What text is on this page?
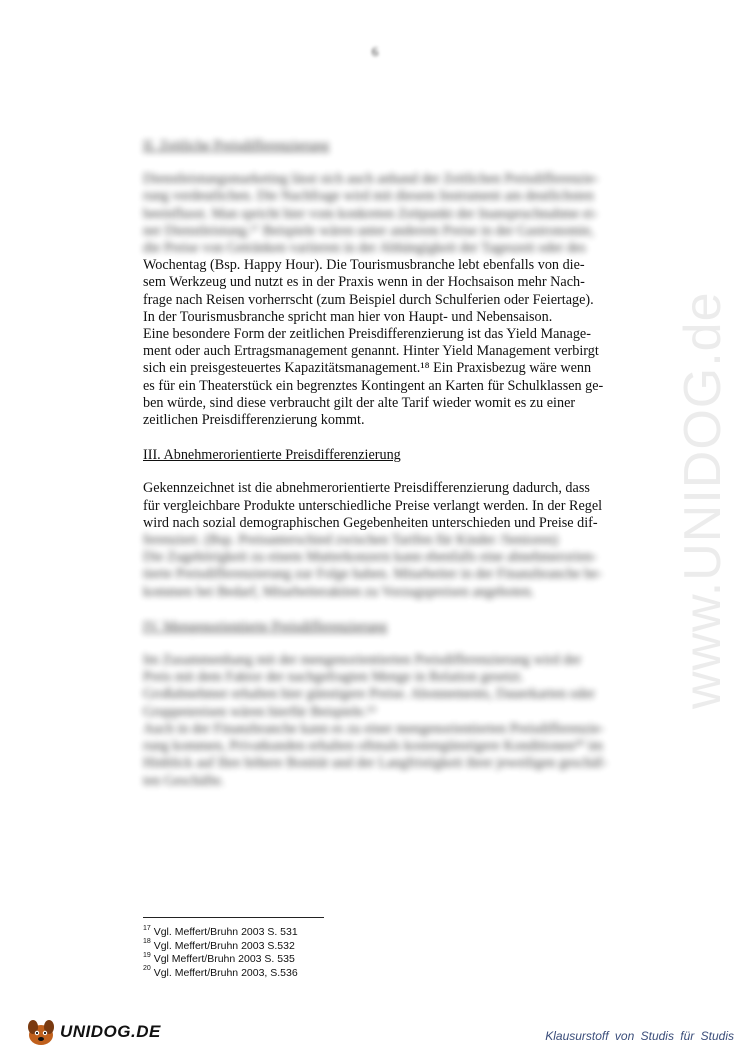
6
www.UNIDOG.de
II. Zeitliche Preisdifferenzierung
Dienstleistungsmarketing lässt sich auch anhand der Zeitlichen Preisdifferenzie-
rung verdeutlichen. Die Nachfrage wird mit diesem Instrument am deutlichsten
beeinflusst. Man spricht hier vom konkreten Zeitpunkt der Inanspruchnahme ei-
ner Dienstleistung.¹⁷ Beispiele wären unter anderem Preise in der Gastronomie,
die Preise von Getränken variieren in der Abhängigkeit der Tageszeit oder des
Wochentag (Bsp. Happy Hour). Die Tourismusbranche lebt ebenfalls von die-
sem Werkzeug und nutzt es in der Praxis wenn in der Hochsaison mehr Nach-
frage nach Reisen vorherrscht (zum Beispiel durch Schulferien oder Feiertage).
In der Tourismusbranche spricht man hier von Haupt- und Nebensaison.
Eine besondere Form der zeitlichen Preisdifferenzierung ist das Yield Manage-
ment oder auch Ertragsmanagement genannt. Hinter Yield Management verbirgt
sich ein preisgesteuertes Kapazitätsmanagement.¹⁸ Ein Praxisbezug wäre wenn
es für ein Theaterstück ein begrenztes Kontingent an Karten für Schulklassen ge-
ben würde, sind diese verbraucht gilt der alte Tarif wieder womit es zu einer
zeitlichen Preisdifferenzierung kommt.
III. Abnehmerorientierte Preisdifferenzierung
Gekennzeichnet ist die abnehmerorientierte Preisdifferenzierung dadurch, dass
für vergleichbare Produkte unterschiedliche Preise verlangt werden. In der Regel
wird nach sozial demographischen Gegebenheiten unterschieden und Preise dif-
ferenziert. (Bsp. Preisunterschied zwischen Tarifen für Kinder /Senioren)
Die Zugehörigkeit zu einem Mutterkonzern kann ebenfalls eine abnehmerorien-
tierte Preisdifferenzierung zur Folge haben. Mitarbeiter in der Finanzbranche be-
kommen bei Bedarf, Mitarbeiteraktien zu Vorzugspreisen angeboten.
IV. Mengenorientierte Preisdifferenzierung
Im Zusammenhang mit der mengenorientierten Preisdifferenzierung wird der
Preis mit dem Faktor der nachgefragten Menge in Relation gesetzt.
Großabnehmer erhalten hier günstigere Preise. Abonnements, Dauerkarten oder
Gruppenreisen wären hierfür Beispiele.¹⁹
Auch in der Finanzbranche kann es zu einer mengenorientierten Preisdifferenzie-
rung kommen, Privatkunden erhalten oftmals kostengünstigere Konditionen²⁰ im
Hinblick auf Ihre höhere Bonität und der Langfristigkeit ihrer jeweiligen geschäf-
ten Geschäfte.
$^{17}$ Vgl. Meffert/Bruhn 2003 S. 531
$^{18}$ Vgl. Meffert/Bruhn 2003 S.532
$^{19}$ Vgl Meffert/Bruhn 2003 S. 535
$^{20}$ Vgl. Meffert/Bruhn 2003, S.536
UNIDOG.DE	Klausurstoff von Studis für Studis
